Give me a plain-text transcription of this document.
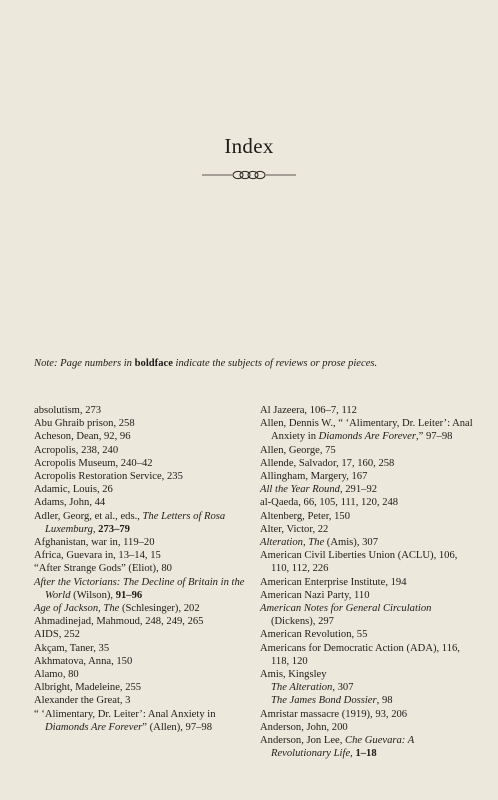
Index
Note: Page numbers in boldface indicate the subjects of reviews or prose pieces.
absolutism, 273
Abu Ghraib prison, 258
Acheson, Dean, 92, 96
Acropolis, 238, 240
Acropolis Museum, 240–42
Acropolis Restoration Service, 235
Adamic, Louis, 26
Adams, John, 44
Adler, Georg, et al., eds., The Letters of Rosa Luxemburg, 273–79
Afghanistan, war in, 119–20
Africa, Guevara in, 13–14, 15
“After Strange Gods” (Eliot), 80
After the Victorians: The Decline of Britain in the World (Wilson), 91–96
Age of Jackson, The (Schlesinger), 202
Ahmadinejad, Mahmoud, 248, 249, 265
AIDS, 252
Akçam, Taner, 35
Akhmatova, Anna, 150
Alamo, 80
Albright, Madeleine, 255
Alexander the Great, 3
“ ‘Alimentary, Dr. Leiter’: Anal Anxiety in Diamonds Are Forever” (Allen), 97–98
Al Jazeera, 106–7, 112
Allen, Dennis W., “ ‘Alimentary, Dr. Leiter’: Anal Anxiety in Diamonds Are Forever,” 97–98
Allen, George, 75
Allende, Salvador, 17, 160, 258
Allingham, Margery, 167
All the Year Round, 291–92
al-Qaeda, 66, 105, 111, 120, 248
Altenberg, Peter, 150
Alter, Victor, 22
Alteration, The (Amis), 307
American Civil Liberties Union (ACLU), 106, 110, 112, 226
American Enterprise Institute, 194
American Nazi Party, 110
American Notes for General Circulation (Dickens), 297
American Revolution, 55
Americans for Democratic Action (ADA), 116, 118, 120
Amis, Kingsley
The Alteration, 307
The James Bond Dossier, 98
Amristar massacre (1919), 93, 206
Anderson, John, 200
Anderson, Jon Lee, Che Guevara: A Revolutionary Life, 1–18
